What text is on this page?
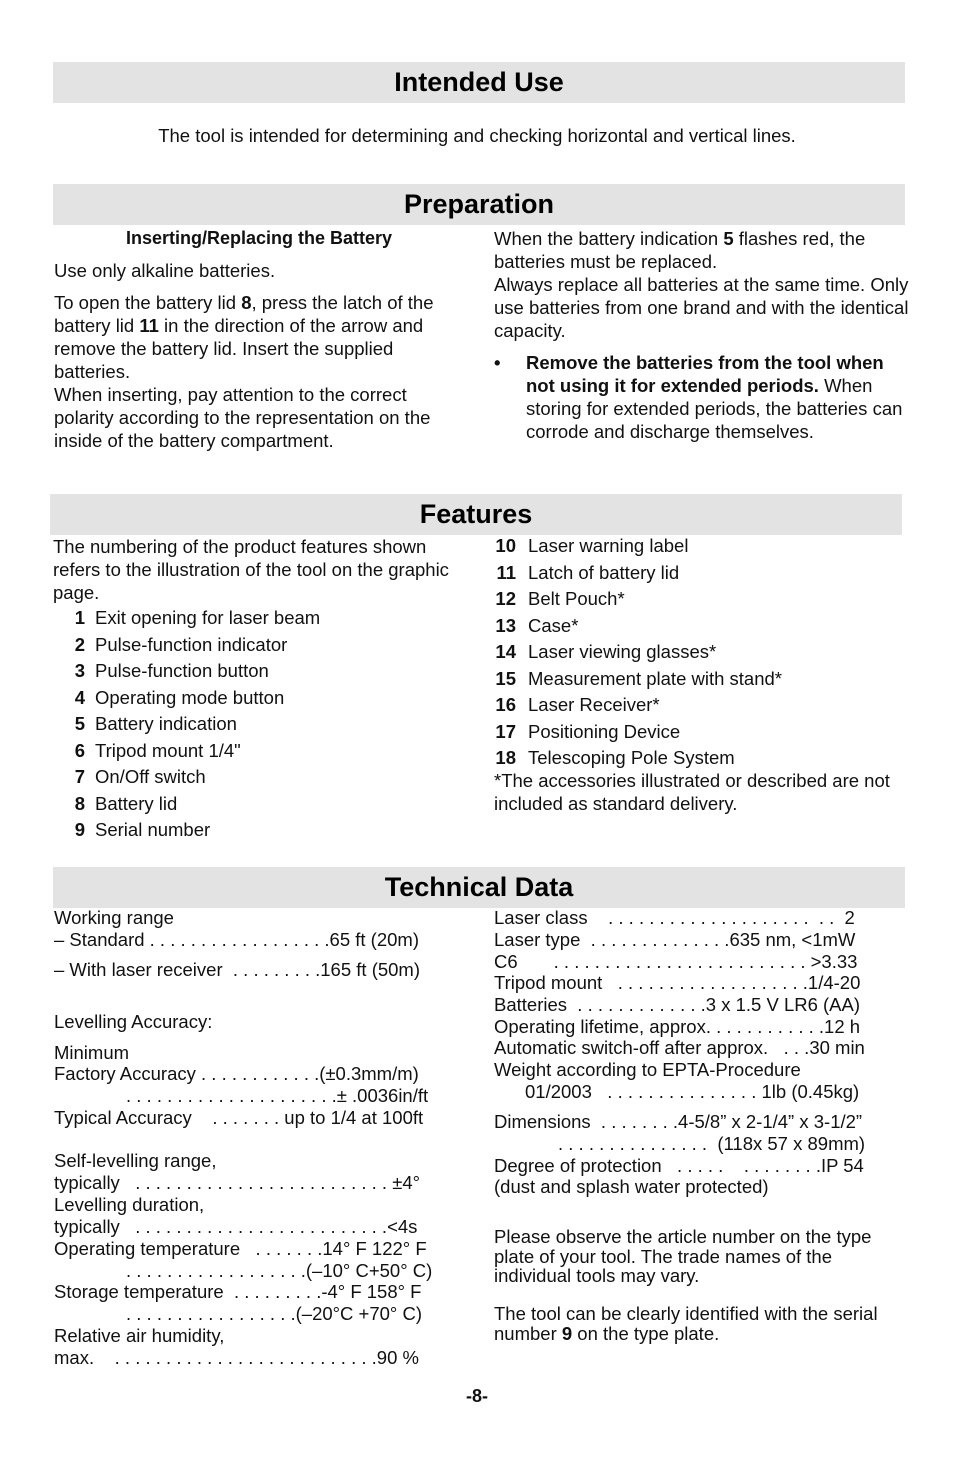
Intended Use
The tool is intended for determining and checking horizontal and vertical lines.
Preparation

Inserting/Replacing the Battery

Use only alkaline batteries.

To open the battery lid 8, press the latch of the battery lid 11 in the direction of the arrow and remove the battery lid. Insert the supplied batteries.

When inserting, pay attention to the correct polarity according to the representation on the inside of the battery compartment.

When the battery indication 5 flashes red, the batteries must be replaced.

Always replace all batteries at the same time. Only use batteries from one brand and with the identical capacity.

• Remove the batteries from the tool when not using it for extended periods. When storing for extended periods, the batteries can corrode and discharge themselves.

Features

The numbering of the product features shown refers to the illustration of the tool on the graphic page.

1 Exit opening for laser beam
2 Pulse-function indicator
3 Pulse-function button
4 Operating mode button
5 Battery indication
6 Tripod mount 1/4"
7 On/Off switch
8 Battery lid
9 Serial number
10 Laser warning label
11 Latch of battery lid
12 Belt Pouch*
13 Case*
14 Laser viewing glasses*
15 Measurement plate with stand*
16 Laser Receiver*
17 Positioning Device
18 Telescoping Pole System

*The accessories illustrated or described are not included as standard delivery.

Technical Data
Working range
– Standard . . . . . . . . . . . . . . . . . .65 ft (20m)
– With laser receiver  . . . . . . . . .165 ft (50m)
Levelling Accuracy:
Minimum
Factory Accuracy . . . . . . . . . . . .(±0.3mm/m)
. . . . . . . . . . . . . . . . . . . . .± .0036in/ft
Typical Accuracy    . . . . . . . up to 1/4 at 100ft
Self-levelling range,
typically   . . . . . . . . . . . . . . . . . . . . . . . . . ±4°
Levelling duration,
typically   . . . . . . . . . . . . . . . . . . . . . . . . .<4s
Operating temperature   . . . . . . .14° F 122° F
. . . . . . . . . . . . . . . . . .(–10° C+50° C)
Storage temperature  . . . . . . . . .-4° F 158° F
. . . . . . . . . . . . . . . . .(–20°C +70° C)
Relative air humidity,
max.    . . . . . . . . . . . . . . . . . . . . . . . . . .90 %
Laser class    . . . . . . . . . . . . . . . . . . . .  . .  2
Laser type  . . . . . . . . . . . . . .635 nm, <1mW
C6       . . . . . . . . . . . . . . . . . . . . . . . . . >3.33
Tripod mount   . . . . . . . . . . . . . . . . . . .1/4-20
Batteries  . . . . . . . . . . . . .3 x 1.5 V LR6 (AA)
Operating lifetime, approx. . . . . . . . . . . .12 h
Automatic switch-off after approx.   . . .30 min
Weight according to EPTA-Procedure
01/2003   . . . . . . . . . . . . . . . 1lb (0.45kg)
Dimensions  . . . . . . . .4-5/8” x 2-1/4” x 3-1/2”
. . . . . . . . . . . . . . .  (118x 57 x 89mm)
Degree of protection   . . . . .    . . . . . . . .IP 54
(dust and splash water protected)
Please observe the article number on the type plate of your tool. The trade names of the individual tools may vary.
The tool can be clearly identified with the serial number 9 on the type plate.
-8-
